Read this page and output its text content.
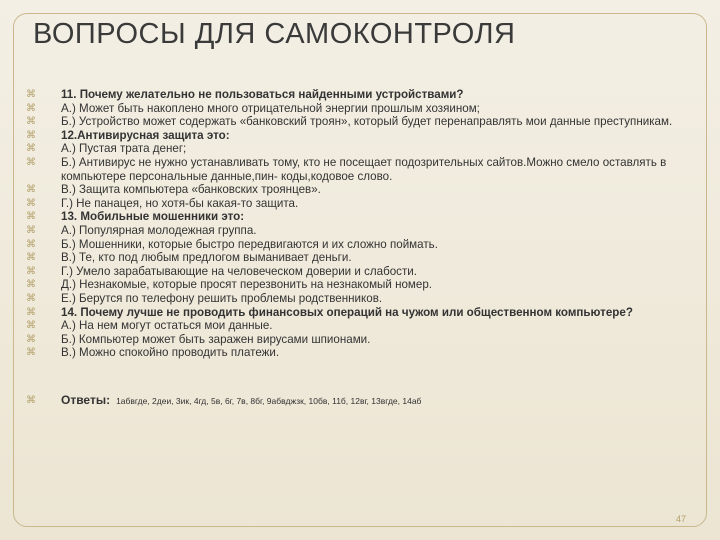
ВОПРОСЫ ДЛЯ САМОКОНТРОЛЯ
⌘ 11. Почему желательно не пользоваться найденными устройствами?
⌘ А.) Может быть накоплено много отрицательной энергии прошлым хозяином;
⌘ Б.) Устройство может содержать «банковский троян», который будет перенаправлять мои данные преступникам.
⌘ 12.Антивирусная защита это:
⌘ А.) Пустая трата денег;
⌘ Б.) Антивирус не нужно устанавливать тому, кто не посещает подозрительных сайтов.Можно смело оставлять в компьютере персональные данные,пин- коды,кодовое слово.
⌘ В.) Защита компьютера «банковских троянцев».
⌘ Г.) Не панацея, но хотя-бы какая-то защита.
⌘ 13. Мобильные мошенники это:
⌘ А.) Популярная молодежная группа.
⌘ Б.) Мошенники, которые быстро передвигаются и их сложно поймать.
⌘ В.) Те, кто под любым предлогом выманивает деньги.
⌘ Г.) Умело зарабатывающие на человеческом доверии и слабости.
⌘ Д.) Незнакомые, которые просят перезвонить на незнакомый номер.
⌘ Е.) Берутся по телефону решить проблемы родственников.
⌘ 14. Почему лучше не проводить финансовых операций на чужом или общественном компьютере?
⌘ А.) На нем могут остаться мои данные.
⌘ Б.) Компьютер может быть заражен вирусами шпионами.
⌘ В.) Можно спокойно проводить платежи.
⌘ Ответы: 1абвгде, 2деи, 3ик, 4гд, 5в, 6г, 7в, 8бг, 9абвджзк, 10бв, 11б, 12вг, 13вгде, 14аб
47
